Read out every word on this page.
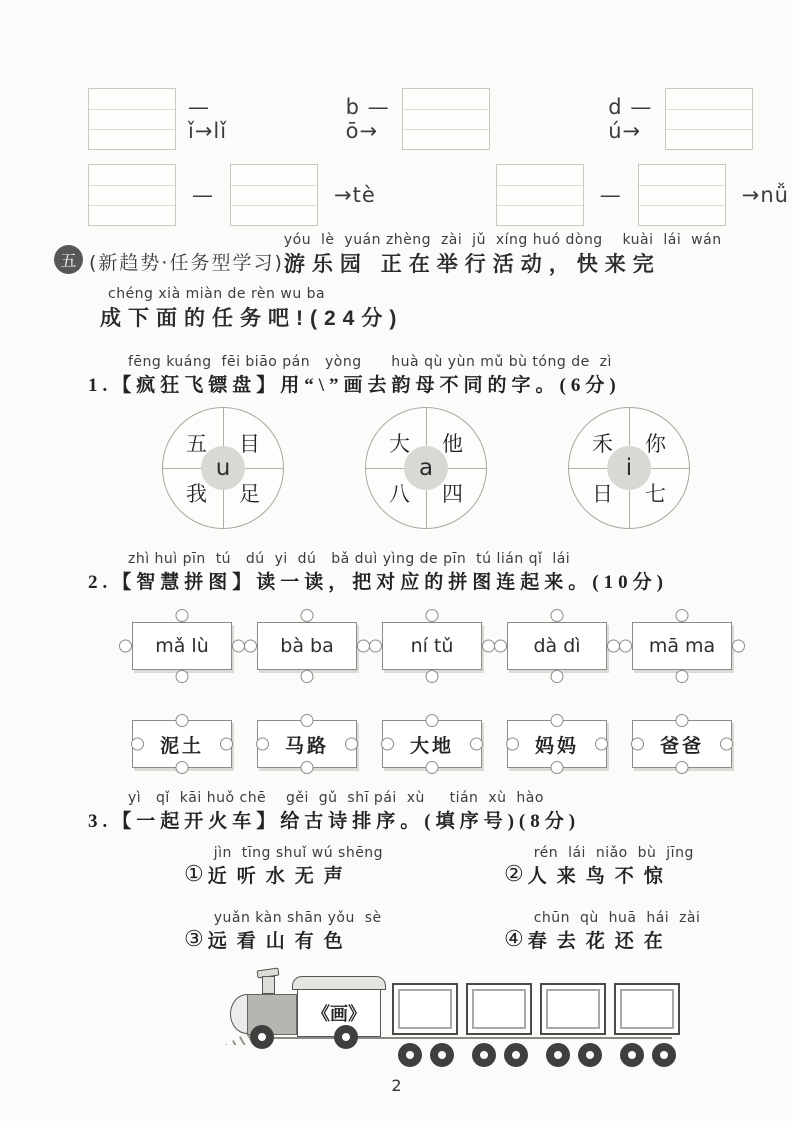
— ǐ→lǐ
b — ō→
d — ú→
—	→tè	—	→nǚ
五 (新趋势·任务型学习)
yóu  lè  yuán zhèng  zài  jǔ  xíng huó dòng    kuài  lái  wán
游乐园 正在举行活动，快来完
chéng xià miàn de rèn wu ba
成下面的任务吧!(24分)
fēng kuáng  fēi biāo pán   yòng      huà qù yùn mǔ bù tóng de  zì
1.【疯狂飞镖盘】用“\”画去韵母不同的字。(6分)
五 目
我 足
u
大 他
八 四
a
禾 你
日 七
i
zhì huì pīn  tú   dú  yi  dú   bǎ duì yìng de pīn  tú lián qǐ  lái
2.【智慧拼图】读一读，把对应的拼图连起来。(10分)
mǎ lù	bà ba	ní tǔ	dà dì	mā ma
泥土	马路	大地	妈妈	爸爸
yì   qǐ  kāi huǒ chē    gěi  gǔ  shī pái  xù     tián  xù  hào
3.【一起开火车】给古诗排序。(填序号)(8分)
①
jìn  tīng shuǐ wú shēng
近听水无声	②
rén  lái  niǎo  bù  jīng
人来鸟不惊
③
yuǎn kàn shān yǒu  sè
远看山有色	④
chūn  qù  huā  hái  zài
春去花还在
《画》
2
